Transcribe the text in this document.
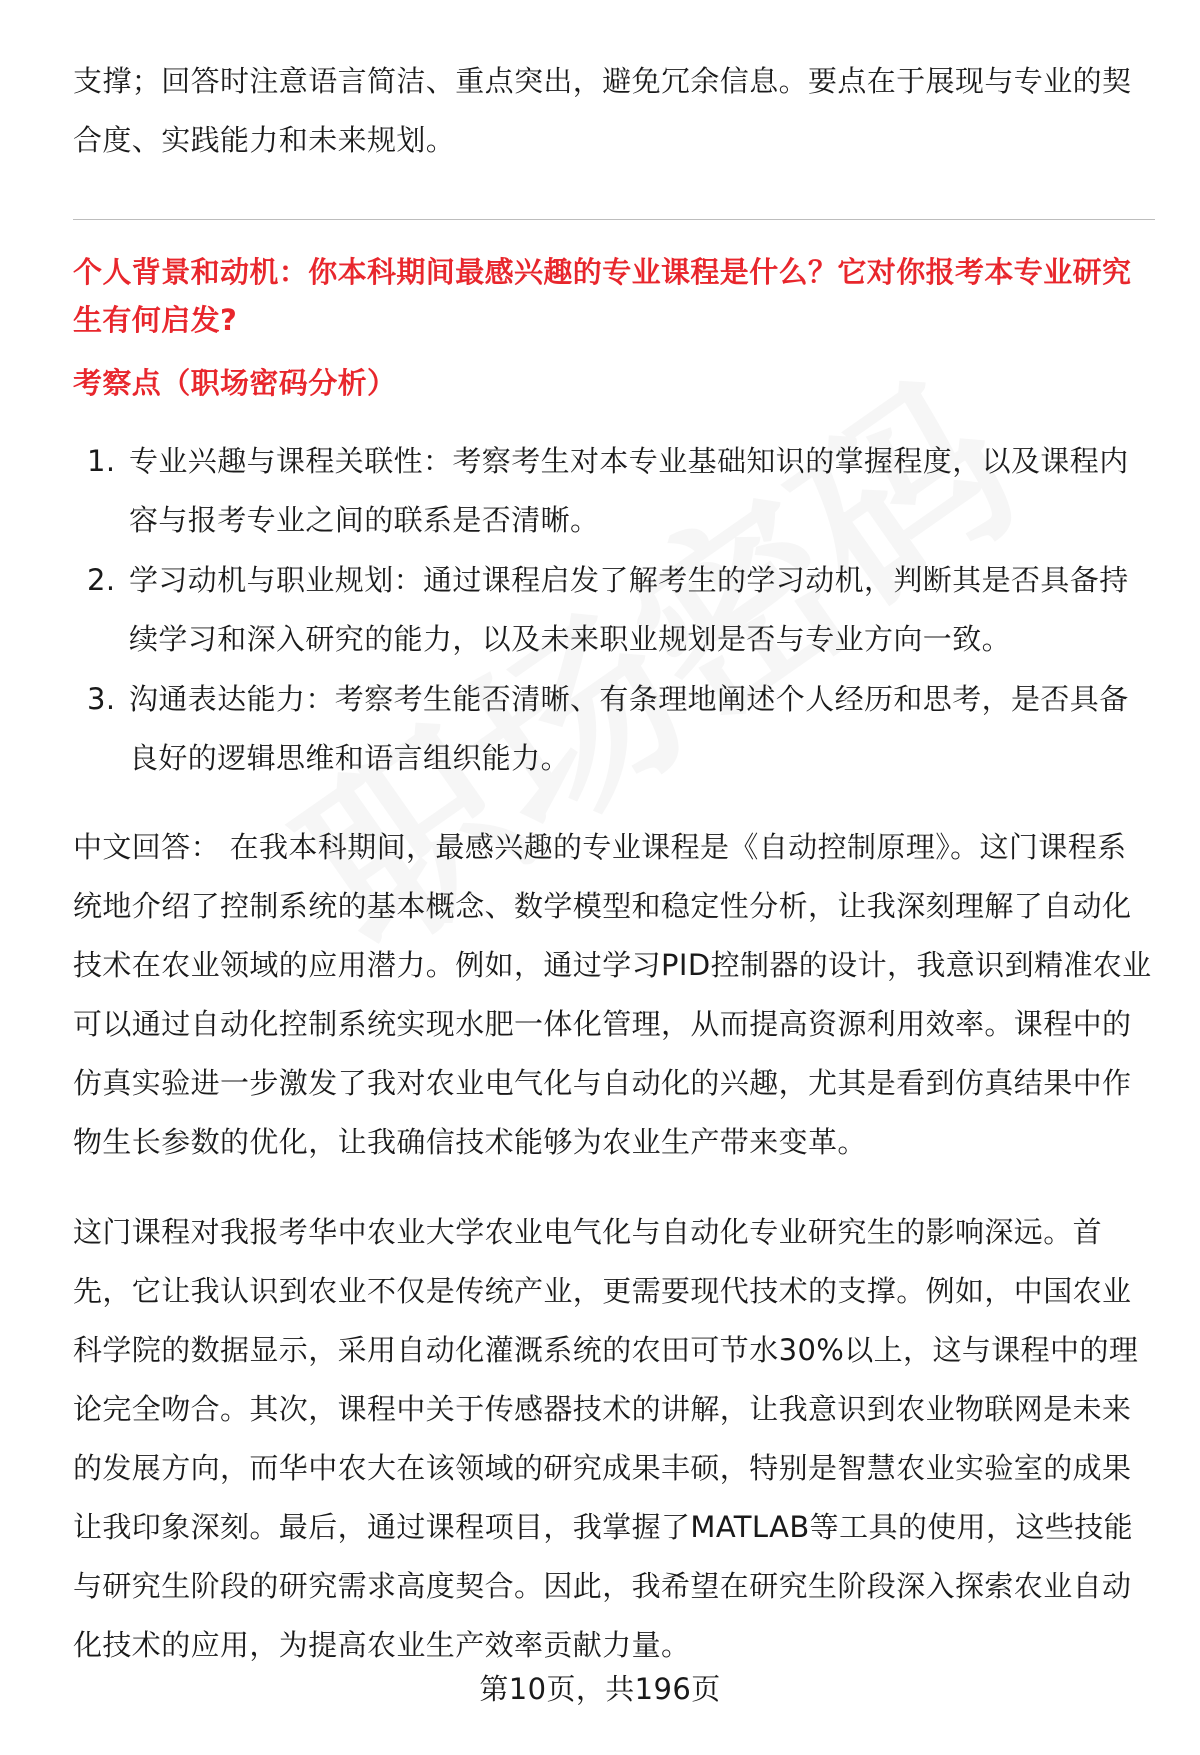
支撑；回答时注意语言简洁、重点突出，避免冗余信息。要点在于展现与专业的契合度、实践能力和未来规划。

个人背景和动机：你本科期间最感兴趣的专业课程是什么？它对你报考本专业研究生有何启发?

考察点（职场密码分析）

1. 专业兴趣与课程关联性：考察考生对本专业基础知识的掌握程度，以及课程内容与报考专业之间的联系是否清晰。
2. 学习动机与职业规划：通过课程启发了解考生的学习动机，判断其是否具备持续学习和深入研究的能力，以及未来职业规划是否与专业方向一致。
3. 沟通表达能力：考察考生能否清晰、有条理地阐述个人经历和思考，是否具备良好的逻辑思维和语言组织能力。

中文回答： 在我本科期间，最感兴趣的专业课程是《自动控制原理》。这门课程系统地介绍了控制系统的基本概念、数学模型和稳定性分析，让我深刻理解了自动化技术在农业领域的应用潜力。例如，通过学习PID控制器的设计，我意识到精准农业可以通过自动化控制系统实现水肥一体化管理，从而提高资源利用效率。课程中的仿真实验进一步激发了我对农业电气化与自动化的兴趣，尤其是看到仿真结果中作物生长参数的优化，让我确信技术能够为农业生产带来变革。

这门课程对我报考华中农业大学农业电气化与自动化专业研究生的影响深远。首先，它让我认识到农业不仅是传统产业，更需要现代技术的支撑。例如，中国农业科学院的数据显示，采用自动化灌溉系统的农田可节水30%以上，这与课程中的理论完全吻合。其次，课程中关于传感器技术的讲解，让我意识到农业物联网是未来的发展方向，而华中农大在该领域的研究成果丰硕，特别是智慧农业实验室的成果让我印象深刻。最后，通过课程项目，我掌握了MATLAB等工具的使用，这些技能与研究生阶段的研究需求高度契合。因此，我希望在研究生阶段深入探索农业自动化技术的应用，为提高农业生产效率贡献力量。

第10页，共196页
